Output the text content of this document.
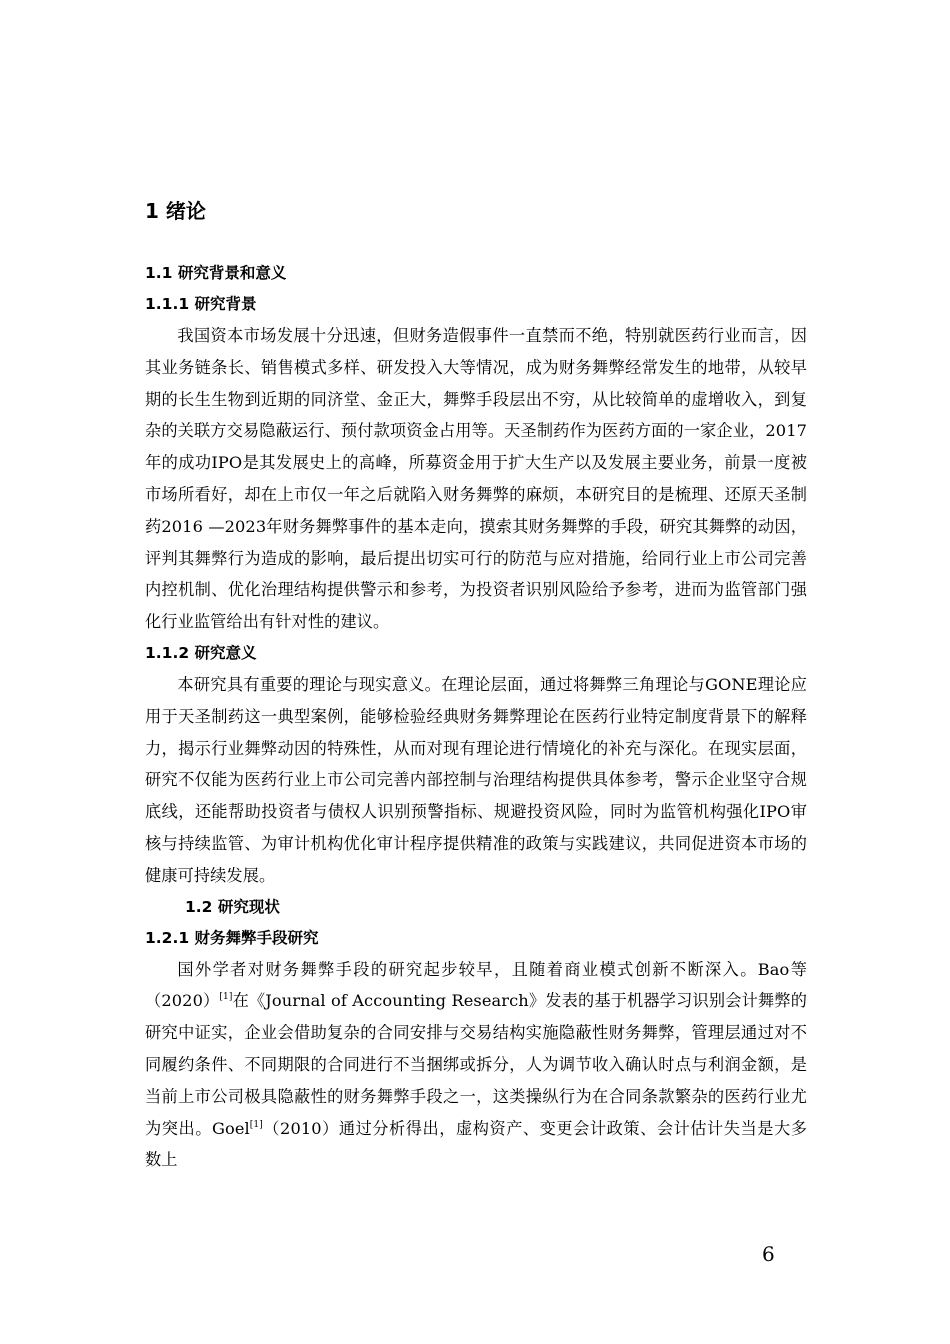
1 绪论
1.1 研究背景和意义
1.1.1 研究背景

我国资本市场发展十分迅速，但财务造假事件一直禁而不绝，特别就医药行业而言，因其业务链条长、销售模式多样、研发投入大等情况，成为财务舞弊经常发生的地带，从较早期的长生生物到近期的同济堂、金正大，舞弊手段层出不穷，从比较简单的虚增收入，到复杂的关联方交易隐蔽运行、预付款项资金占用等。天圣制药作为医药方面的一家企业，2017年的成功IPO是其发展史上的高峰，所募资金用于扩大生产以及发展主要业务，前景一度被市场所看好，却在上市仅一年之后就陷入财务舞弊的麻烦，本研究目的是梳理、还原天圣制药2016 —2023年财务舞弊事件的基本走向，摸索其财务舞弊的手段，研究其舞弊的动因，评判其舞弊行为造成的影响，最后提出切实可行的防范与应对措施，给同行业上市公司完善内控机制、优化治理结构提供警示和参考，为投资者识别风险给予参考，进而为监管部门强化行业监管给出有针对性的建议。

1.1.2 研究意义

本研究具有重要的理论与现实意义。在理论层面，通过将舞弊三角理论与GONE理论应用于天圣制药这一典型案例，能够检验经典财务舞弊理论在医药行业特定制度背景下的解释力，揭示行业舞弊动因的特殊性，从而对现有理论进行情境化的补充与深化。在现实层面，研究不仅能为医药行业上市公司完善内部控制与治理结构提供具体参考，警示企业坚守合规底线，还能帮助投资者与债权人识别预警指标、规避投资风险，同时为监管机构强化IPO审核与持续监管、为审计机构优化审计程序提供精准的政策与实践建议，共同促进资本市场的健康可持续发展。

1.2 研究现状
1.2.1 财务舞弊手段研究

国外学者对财务舞弊手段的研究起步较早，且随着商业模式创新不断深入。Bao等（2020）[1]在《Journal of Accounting Research》发表的基于机器学习识别会计舞弊的研究中证实，企业会借助复杂的合同安排与交易结构实施隐蔽性财务舞弊，管理层通过对不同履约条件、不同期限的合同进行不当捆绑或拆分，人为调节收入确认时点与利润金额，是当前上市公司极具隐蔽性的财务舞弊手段之一，这类操纵行为在合同条款繁杂的医药行业尤为突出。Goel[1]（2010）通过分析得出，虚构资产、变更会计政策、会计估计失当是大多数上

6
